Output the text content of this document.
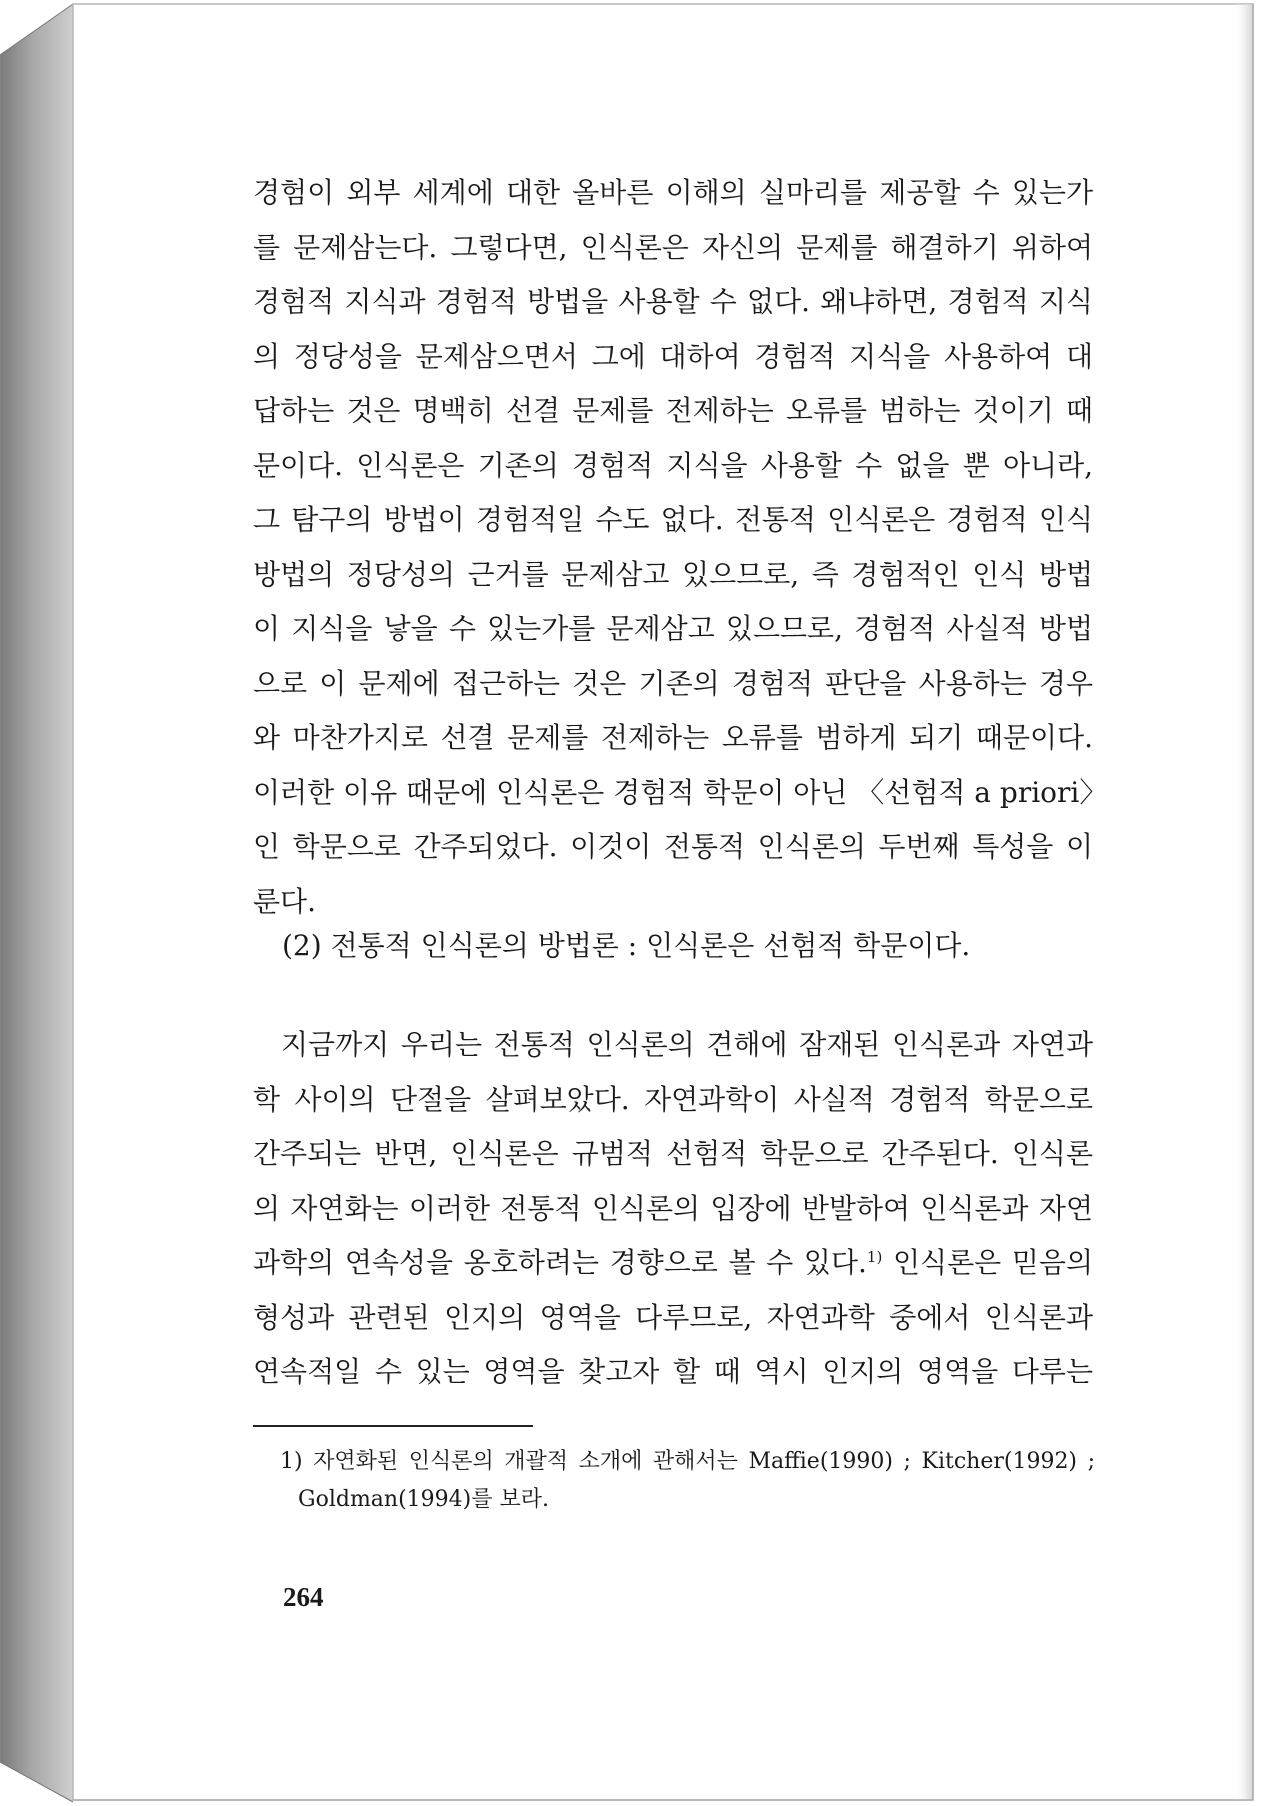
경험이 외부 세계에 대한 올바른 이해의 실마리를 제공할 수 있는가
를 문제삼는다. 그렇다면, 인식론은 자신의 문제를 해결하기 위하여
경험적 지식과 경험적 방법을 사용할 수 없다. 왜냐하면, 경험적 지식
의 정당성을 문제삼으면서 그에 대하여 경험적 지식을 사용하여 대
답하는 것은 명백히 선결 문제를 전제하는 오류를 범하는 것이기 때
문이다. 인식론은 기존의 경험적 지식을 사용할 수 없을 뿐 아니라,
그 탐구의 방법이 경험적일 수도 없다. 전통적 인식론은 경험적 인식
방법의 정당성의 근거를 문제삼고 있으므로, 즉 경험적인 인식 방법
이 지식을 낳을 수 있는가를 문제삼고 있으므로, 경험적 사실적 방법
으로 이 문제에 접근하는 것은 기존의 경험적 판단을 사용하는 경우
와 마찬가지로 선결 문제를 전제하는 오류를 범하게 되기 때문이다.
이러한 이유 때문에 인식론은 경험적 학문이 아닌 〈선험적 a priori〉
인 학문으로 간주되었다. 이것이 전통적 인식론의 두번째 특성을 이
룬다.
(2) 전통적 인식론의 방법론 : 인식론은 선험적 학문이다.
지금까지 우리는 전통적 인식론의 견해에 잠재된 인식론과 자연과
학 사이의 단절을 살펴보았다. 자연과학이 사실적 경험적 학문으로
간주되는 반면, 인식론은 규범적 선험적 학문으로 간주된다. 인식론
의 자연화는 이러한 전통적 인식론의 입장에 반발하여 인식론과 자연
과학의 연속성을 옹호하려는 경향으로 볼 수 있다.$^{1)}$ 인식론은 믿음의
형성과 관련된 인지의 영역을 다루므로, 자연과학 중에서 인식론과
연속적일 수 있는 영역을 찾고자 할 때 역시 인지의 영역을 다루는
1) 자연화된 인식론의 개괄적 소개에 관해서는 Maffie(1990) ; Kitcher(1992) ;
Goldman(1994)를 보라.
264
